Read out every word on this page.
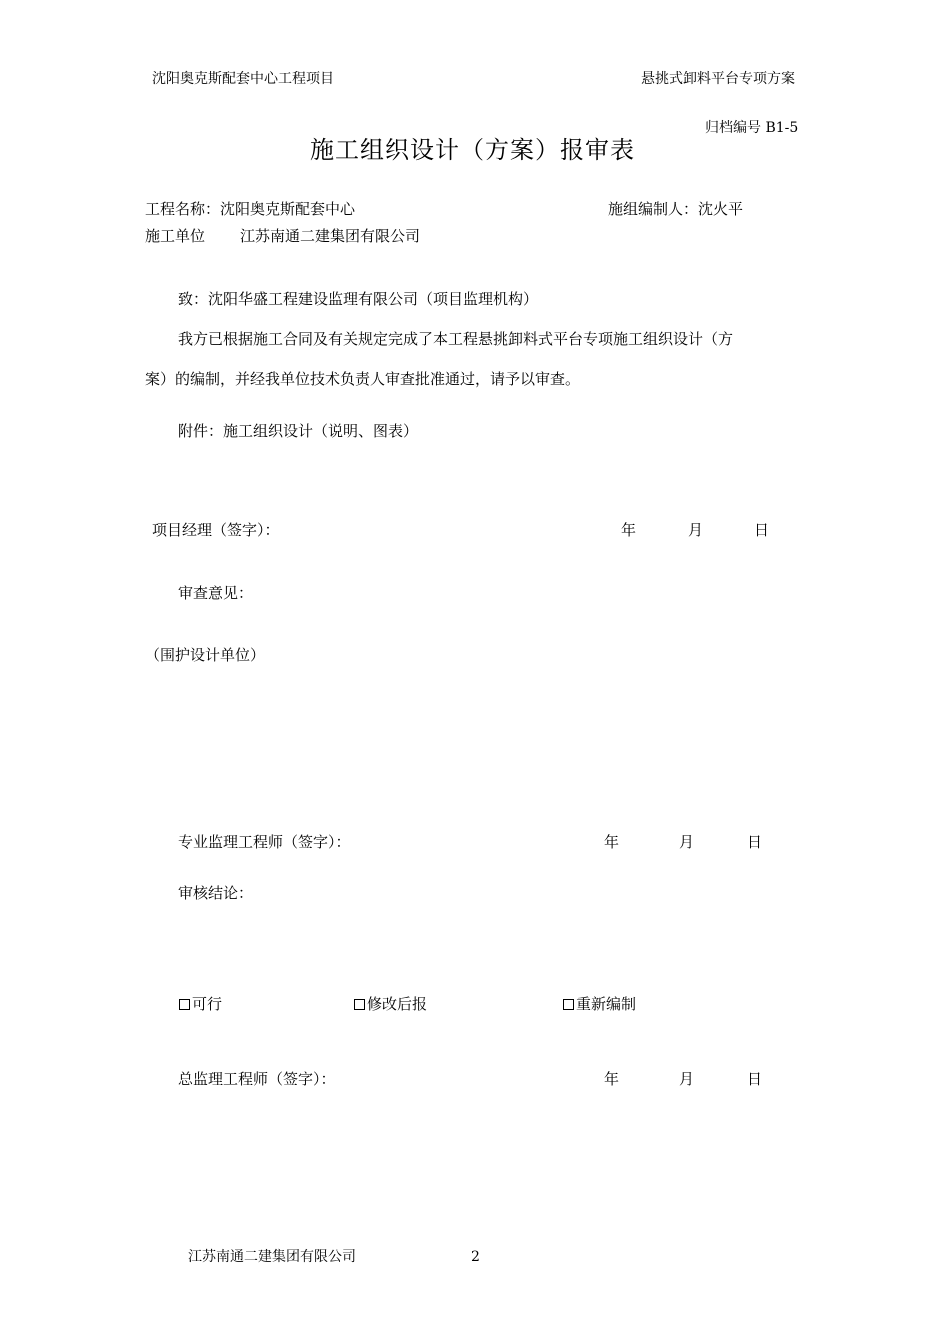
沈阳奥克斯配套中心工程项目	悬挑式卸料平台专项方案
归档编号 B1-5
施工组织设计（方案）报审表
工程名称：沈阳奥克斯配套中心	施组编制人：沈火平
施工单位 江苏南通二建集团有限公司
致：沈阳华盛工程建设监理有限公司（项目监理机构）
我方已根据施工合同及有关规定完成了本工程悬挑卸料式平台专项施工组织设计（方
案）的编制，并经我单位技术负责人审查批准通过，请予以审查。
附件：施工组织设计（说明、图表）
项目经理（签字）：	年	月	日
审查意见：
（围护设计单位）
专业监理工程师（签字）：	年	月	日
审核结论：
可行	修改后报	重新编制
总监理工程师（签字）：	年	月	日
江苏南通二建集团有限公司	2
